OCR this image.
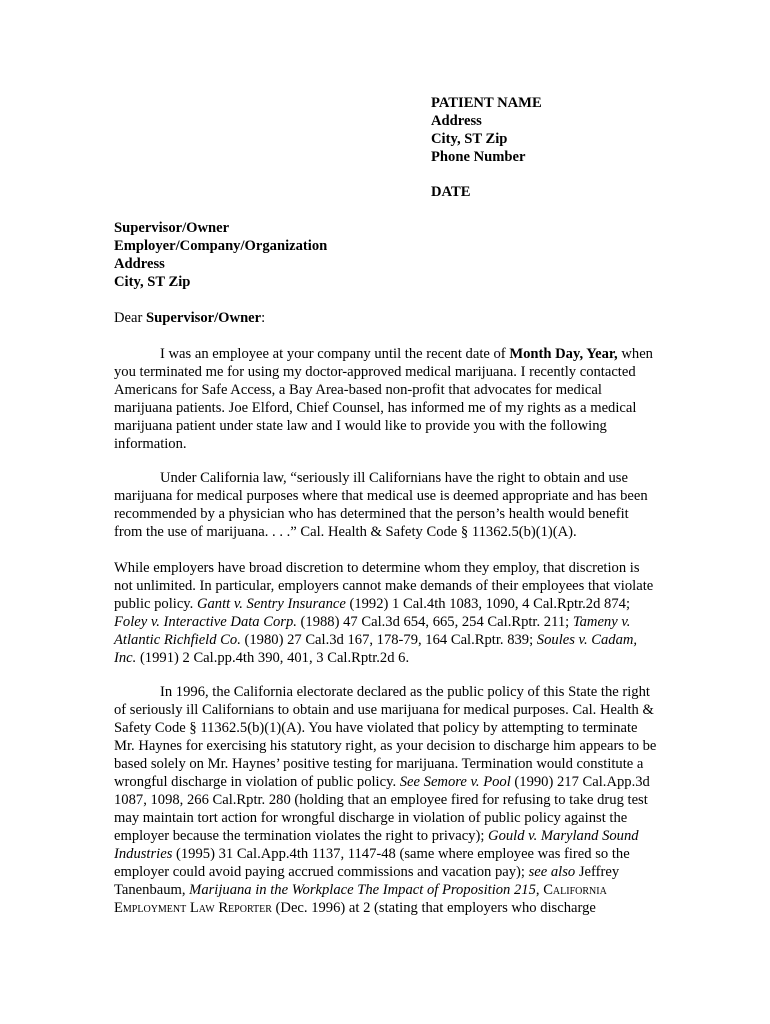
PATIENT NAME
Address
City, ST Zip
Phone Number
DATE
Supervisor/Owner
Employer/Company/Organization
Address
City, ST Zip
Dear Supervisor/Owner:
I was an employee at your company until the recent date of Month Day, Year, when
you terminated me for using my doctor-approved medical marijuana. I recently contacted
Americans for Safe Access, a Bay Area-based non-profit that advocates for medical
marijuana patients. Joe Elford, Chief Counsel, has informed me of my rights as a medical
marijuana patient under state law and I would like to provide you with the following
information.
Under California law, “seriously ill Californians have the right to obtain and use
marijuana for medical purposes where that medical use is deemed appropriate and has been
recommended by a physician who has determined that the person’s health would benefit
from the use of marijuana. . . .” Cal. Health & Safety Code § 11362.5(b)(1)(A).
While employers have broad discretion to determine whom they employ, that discretion is
not unlimited. In particular, employers cannot make demands of their employees that violate
public policy. Gantt v. Sentry Insurance (1992) 1 Cal.4th 1083, 1090, 4 Cal.Rptr.2d 874;
Foley v. Interactive Data Corp. (1988) 47 Cal.3d 654, 665, 254 Cal.Rptr. 211; Tameny v.
Atlantic Richfield Co. (1980) 27 Cal.3d 167, 178-79, 164 Cal.Rptr. 839; Soules v. Cadam,
Inc. (1991) 2 Cal.pp.4th 390, 401, 3 Cal.Rptr.2d 6.
In 1996, the California electorate declared as the public policy of this State the right
of seriously ill Californians to obtain and use marijuana for medical purposes. Cal. Health &
Safety Code § 11362.5(b)(1)(A). You have violated that policy by attempting to terminate
Mr. Haynes for exercising his statutory right, as your decision to discharge him appears to be
based solely on Mr. Haynes’ positive testing for marijuana. Termination would constitute a
wrongful discharge in violation of public policy. See Semore v. Pool (1990) 217 Cal.App.3d
1087, 1098, 266 Cal.Rptr. 280 (holding that an employee fired for refusing to take drug test
may maintain tort action for wrongful discharge in violation of public policy against the
employer because the termination violates the right to privacy); Gould v. Maryland Sound
Industries (1995) 31 Cal.App.4th 1137, 1147-48 (same where employee was fired so the
employer could avoid paying accrued commissions and vacation pay); see also Jeffrey
Tanenbaum, Marijuana in the Workplace The Impact of Proposition 215, California
Employment Law Reporter (Dec. 1996) at 2 (stating that employers who discharge
